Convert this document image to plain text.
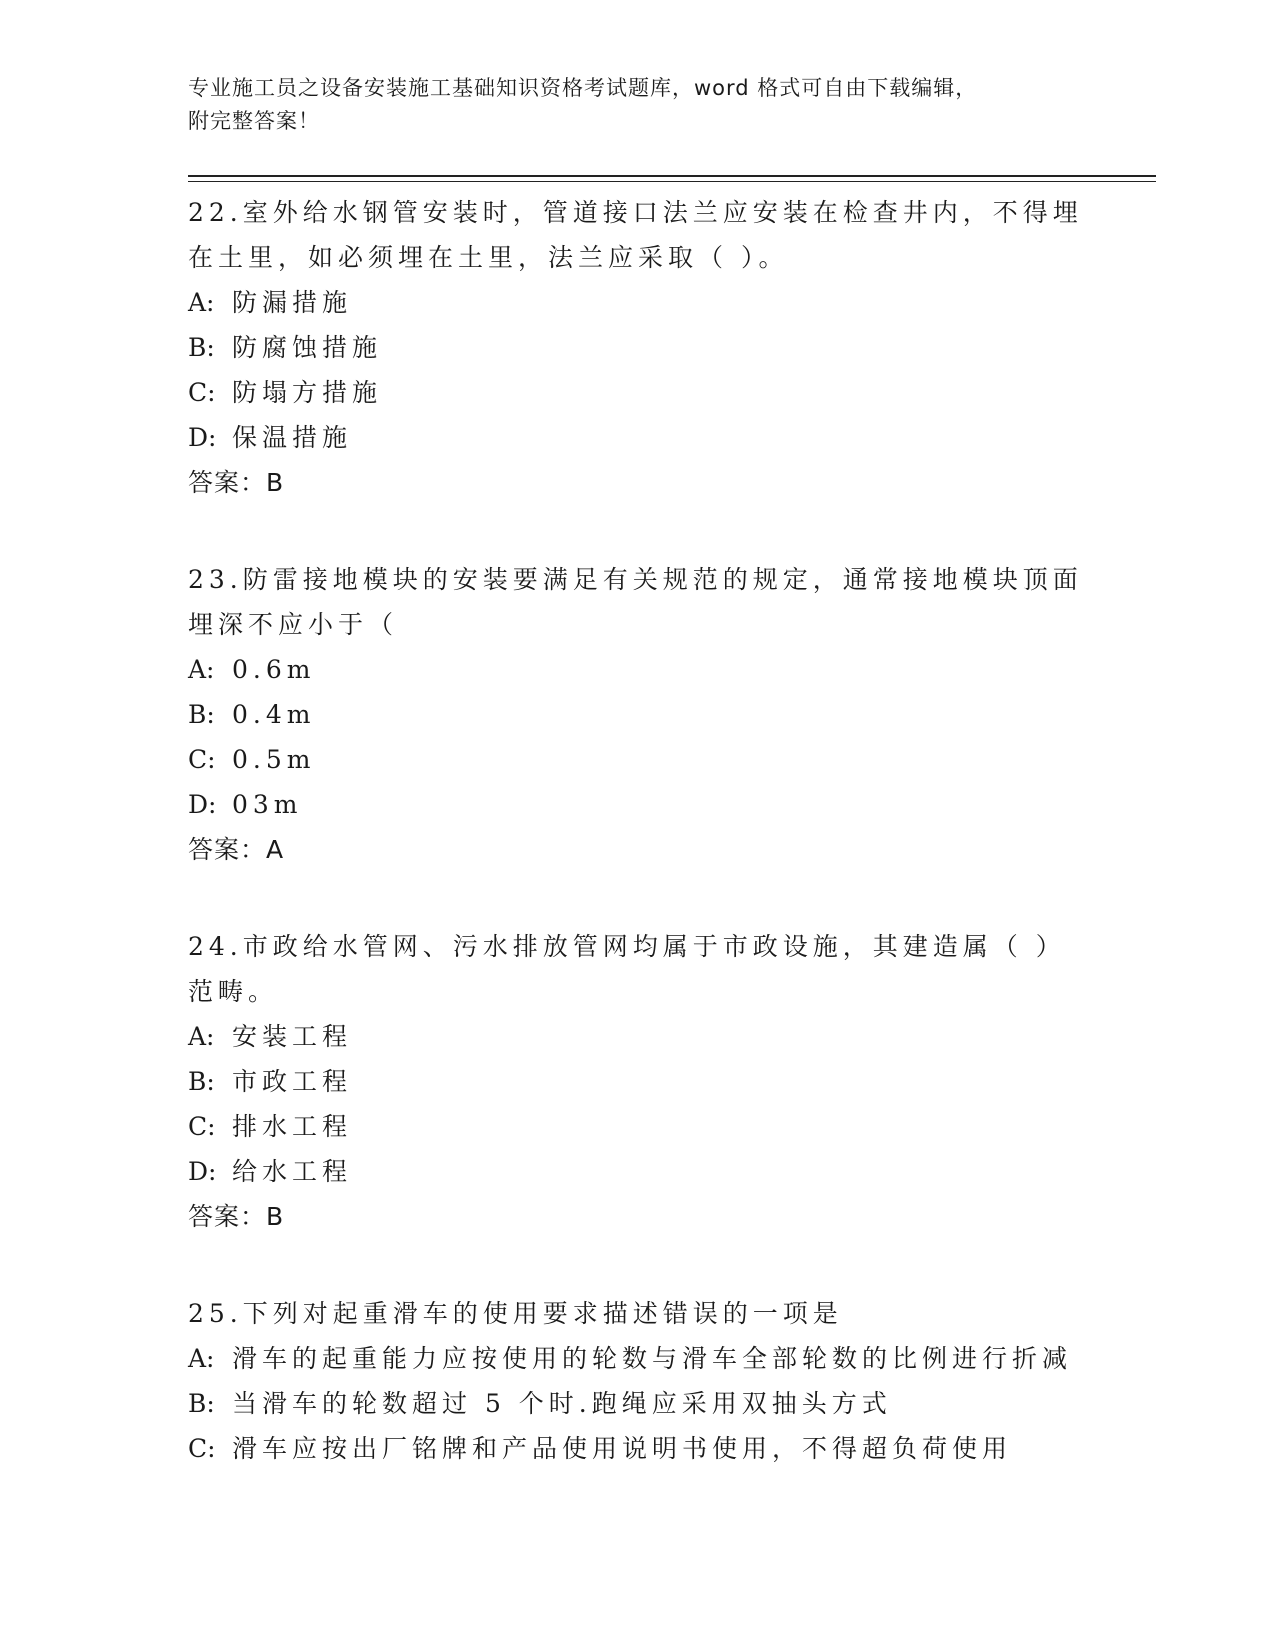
专业施工员之设备安装施工基础知识资格考试题库，word 格式可自由下载编辑，

附完整答案！

22.室外给水钢管安装时，管道接口法兰应安装在检查井内，不得埋在土里，如必须埋在土里，法兰应采取（ ）。

A: 防漏措施

B: 防腐蚀措施

C: 防塌方措施

D: 保温措施

答案：B

23.防雷接地模块的安装要满足有关规范的规定，通常接地模块顶面埋深不应小于（

A: 0.6m

B: 0.4m

C: 0.5m

D: 03m

答案：A

24.市政给水管网、污水排放管网均属于市政设施，其建造属（ ）范畴。

A: 安装工程

B: 市政工程

C: 排水工程

D: 给水工程

答案：B

25.下列对起重滑车的使用要求描述错误的一项是

A: 滑车的起重能力应按使用的轮数与滑车全部轮数的比例进行折减

B: 当滑车的轮数超过 5 个时.跑绳应采用双抽头方式

C: 滑车应按出厂铭牌和产品使用说明书使用，不得超负荷使用
